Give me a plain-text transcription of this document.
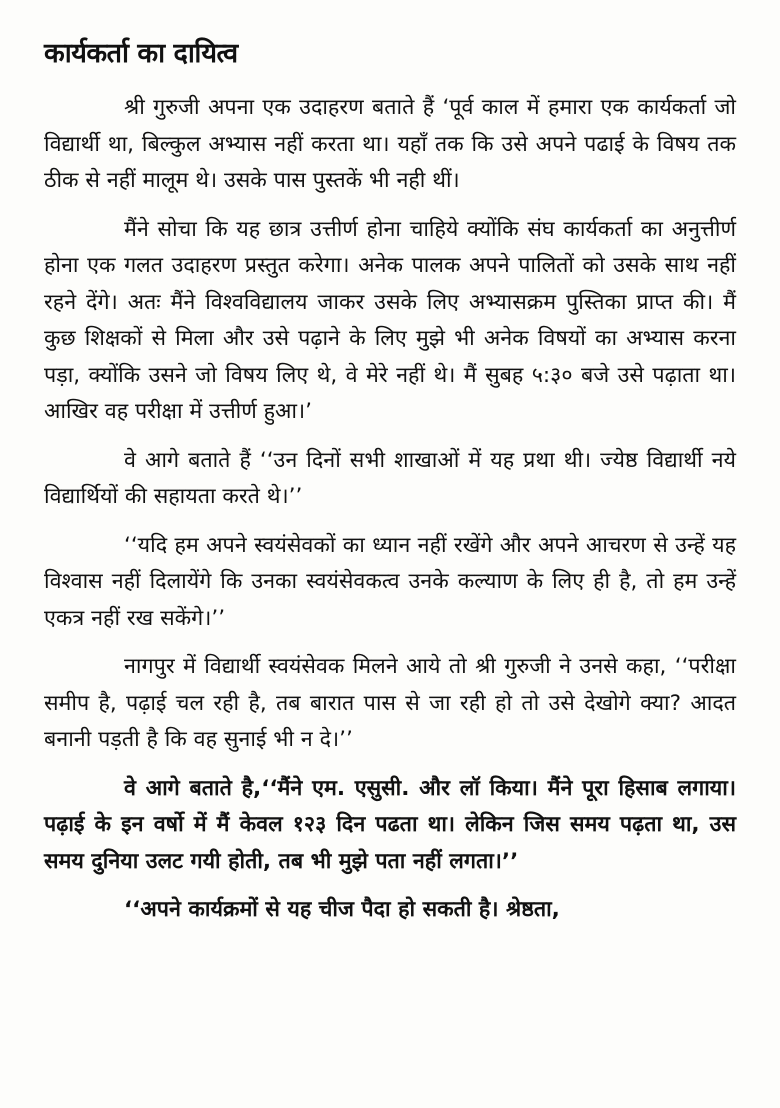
कार्यकर्ता का दायित्व

श्री गुरुजी अपना एक उदाहरण बताते हैं ‘पूर्व काल में हमारा एक कार्यकर्ता जो विद्यार्थी था, बिल्कुल अभ्यास नहीं करता था। यहाँ तक कि उसे अपने पढाई के विषय तक ठीक से नहीं मालूम थे। उसके पास पुस्तकें भी नही थीं।

मैंने सोचा कि यह छात्र उत्तीर्ण होना चाहिये क्योंकि संघ कार्यकर्ता का अनुत्तीर्ण होना एक गलत उदाहरण प्रस्तुत करेगा। अनेक पालक अपने पालितों को उसके साथ नहीं रहने देंगे। अतः मैंने विश्वविद्यालय जाकर उसके लिए अभ्यासक्रम पुस्तिका प्राप्त की। मैं कुछ शिक्षकों से मिला और उसे पढ़ाने के लिए मुझे भी अनेक विषयों का अभ्यास करना पड़ा, क्योंकि उसने जो विषय लिए थे, वे मेरे नहीं थे। मैं सुबह ५:३० बजे उसे पढ़ाता था। आखिर वह परीक्षा में उत्तीर्ण हुआ।’

वे आगे बताते हैं ‘‘उन दिनों सभी शाखाओं में यह प्रथा थी। ज्येष्ठ विद्यार्थी नये विद्यार्थियों की सहायता करते थे।’’

‘‘यदि हम अपने स्वयंसेवकों का ध्यान नहीं रखेंगे और अपने आचरण से उन्हें यह विश्वास नहीं दिलायेंगे कि उनका स्वयंसेवकत्व उनके कल्याण के लिए ही है, तो हम उन्हें एकत्र नहीं रख सकेंगे।’’

नागपुर में विद्यार्थी स्वयंसेवक मिलने आये तो श्री गुरुजी ने उनसे कहा, ‘‘परीक्षा समीप है, पढ़ाई चल रही है, तब बारात पास से जा रही हो तो उसे देखोगे क्या? आदत बनानी पड़ती है कि वह सुनाई भी न दे।’’

वे आगे बताते है,‘‘मैंने एम. एसुसी. और लॉ किया। मैंने पूरा हिसाब लगाया। पढ़ाई के इन वर्षो में मैं केवल १२३ दिन पढता था। लेकिन जिस समय पढ़ता था, उस समय दुनिया उलट गयी होती, तब भी मुझे पता नहीं लगता।’’

‘‘अपने कार्यक्रमों से यह चीज पैदा हो सकती है। श्रेष्ठता,
